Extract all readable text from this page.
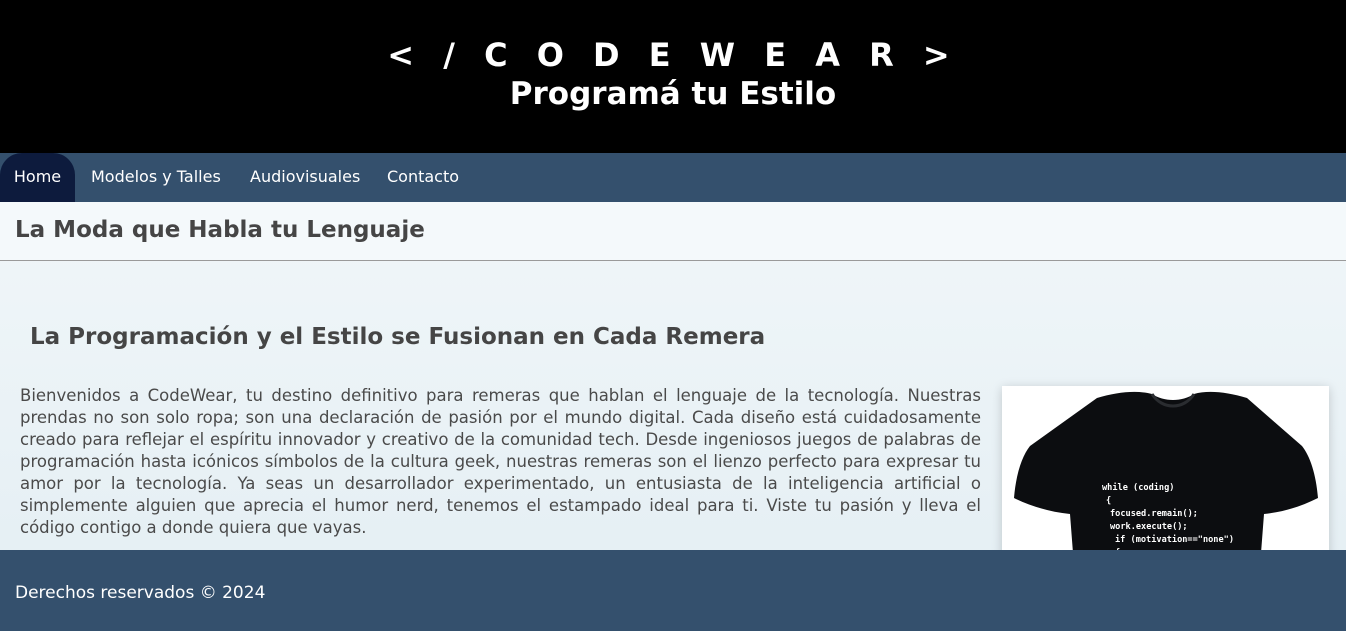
< / C O D E W E A R >
Programá tu Estilo
Home	Modelos y Talles Audiovisuales Contacto
La Moda que Habla tu Lenguaje
La Programación y el Estilo se Fusionan en Cada Remera

Bienvenidos a CodeWear, tu destino definitivo para remeras que hablan el lenguaje de la tecnología. Nuestras prendas no son solo ropa; son una declaración de pasión por el mundo digital. Cada diseño está cuidadosamente creado para reflejar el espíritu innovador y creativo de la comunidad tech. Desde ingeniosos juegos de palabras de programación hasta icónicos símbolos de la cultura geek, nuestras remeras son el lienzo perfecto para expresar tu amor por la tecnología. Ya seas un desarrollador experimentado, un entusiasta de la inteligencia artificial o simplemente alguien que aprecia el humor nerd, tenemos el estampado ideal para ti. Viste tu pasión y lleva el código contigo a donde quiera que vayas.

while (coding)
{
focused.remain();
work.execute();
if (motivation=="none")

Derechos reservados © 2024
